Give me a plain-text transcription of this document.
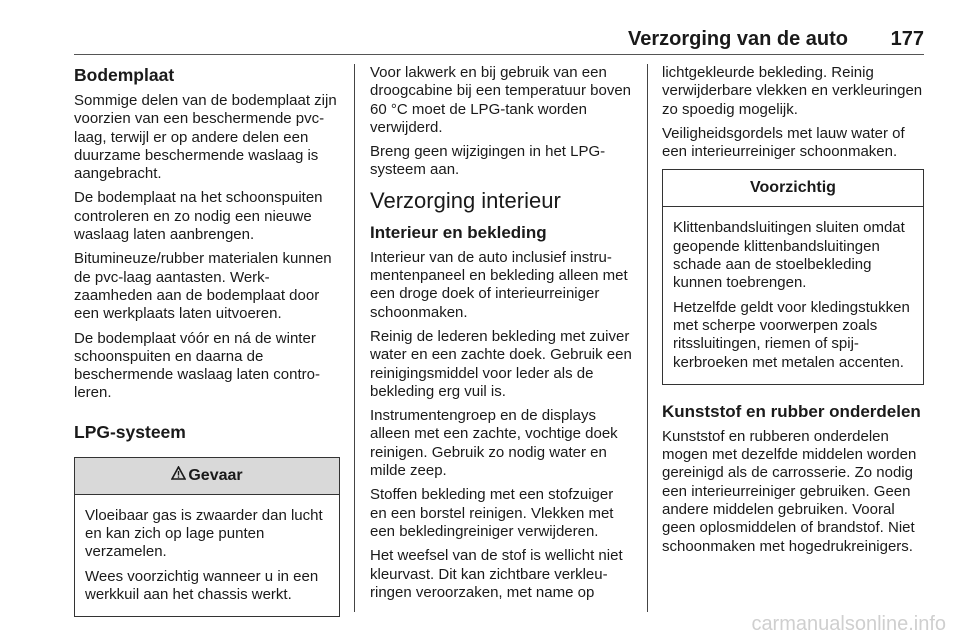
Verzorging van de auto 177
Bodemplaat

Sommige delen van de bodemplaat zijn voorzien van een beschermende pvc-laag, terwijl er op andere delen een duurzame beschermende waslaag is aangebracht.

De bodemplaat na het schoonspuiten controleren en zo nodig een nieuwe waslaag laten aanbrengen.

Bitumineuze/rubber materialen kunnen de pvc-laag aantasten. Werkzaamheden aan de bodemplaat door een werkplaats laten uitvoeren.

De bodemplaat vóór en ná de winter schoonspuiten en daarna de beschermende waslaag laten controleren.

LPG-systeem
Gevaar

Vloeibaar gas is zwaarder dan lucht en kan zich op lage punten verzamelen.

Wees voorzichtig wanneer u in een werkkuil aan het chassis werkt.

Voor lakwerk en bij gebruik van een droogcabine bij een temperatuur boven 60 °C moet de LPG-tank worden verwijderd.

Breng geen wijzigingen in het LPG-systeem aan.

Verzorging interieur
Interieur en bekleding

Interieur van de auto inclusief instrumentenpaneel en bekleding alleen met een droge doek of interieurreiniger schoonmaken.

Reinig de lederen bekleding met zuiver water en een zachte doek. Gebruik een reinigingsmiddel voor leder als de bekleding erg vuil is.

Instrumentengroep en de displays alleen met een zachte, vochtige doek reinigen. Gebruik zo nodig water en milde zeep.

Stoffen bekleding met een stofzuiger en een borstel reinigen. Vlekken met een bekledingreiniger verwijderen.

Het weefsel van de stof is wellicht niet kleurvast. Dit kan zichtbare verkleuringen veroorzaken, met name op

lichtgekleurde bekleding. Reinig verwijderbare vlekken en verkleuringen zo spoedig mogelijk.

Veiligheidsgordels met lauw water of een interieurreiniger schoonmaken.

Voorzichtig

Klittenbandsluitingen sluiten omdat geopende klittenbandsluitingen schade aan de stoelbekleding kunnen toebrengen.

Hetzelfde geldt voor kledingstukken met scherpe voorwerpen zoals ritssluitingen, riemen of spijkerbroeken met metalen accenten.

Kunststof en rubber onderdelen

Kunststof en rubberen onderdelen mogen met dezelfde middelen worden gereinigd als de carrosserie. Zo nodig een interieurreiniger gebruiken. Geen andere middelen gebruiken. Vooral geen oplosmiddelen of brandstof. Niet schoonmaken met hogedrukreinigers.

carmanualsonline.info
